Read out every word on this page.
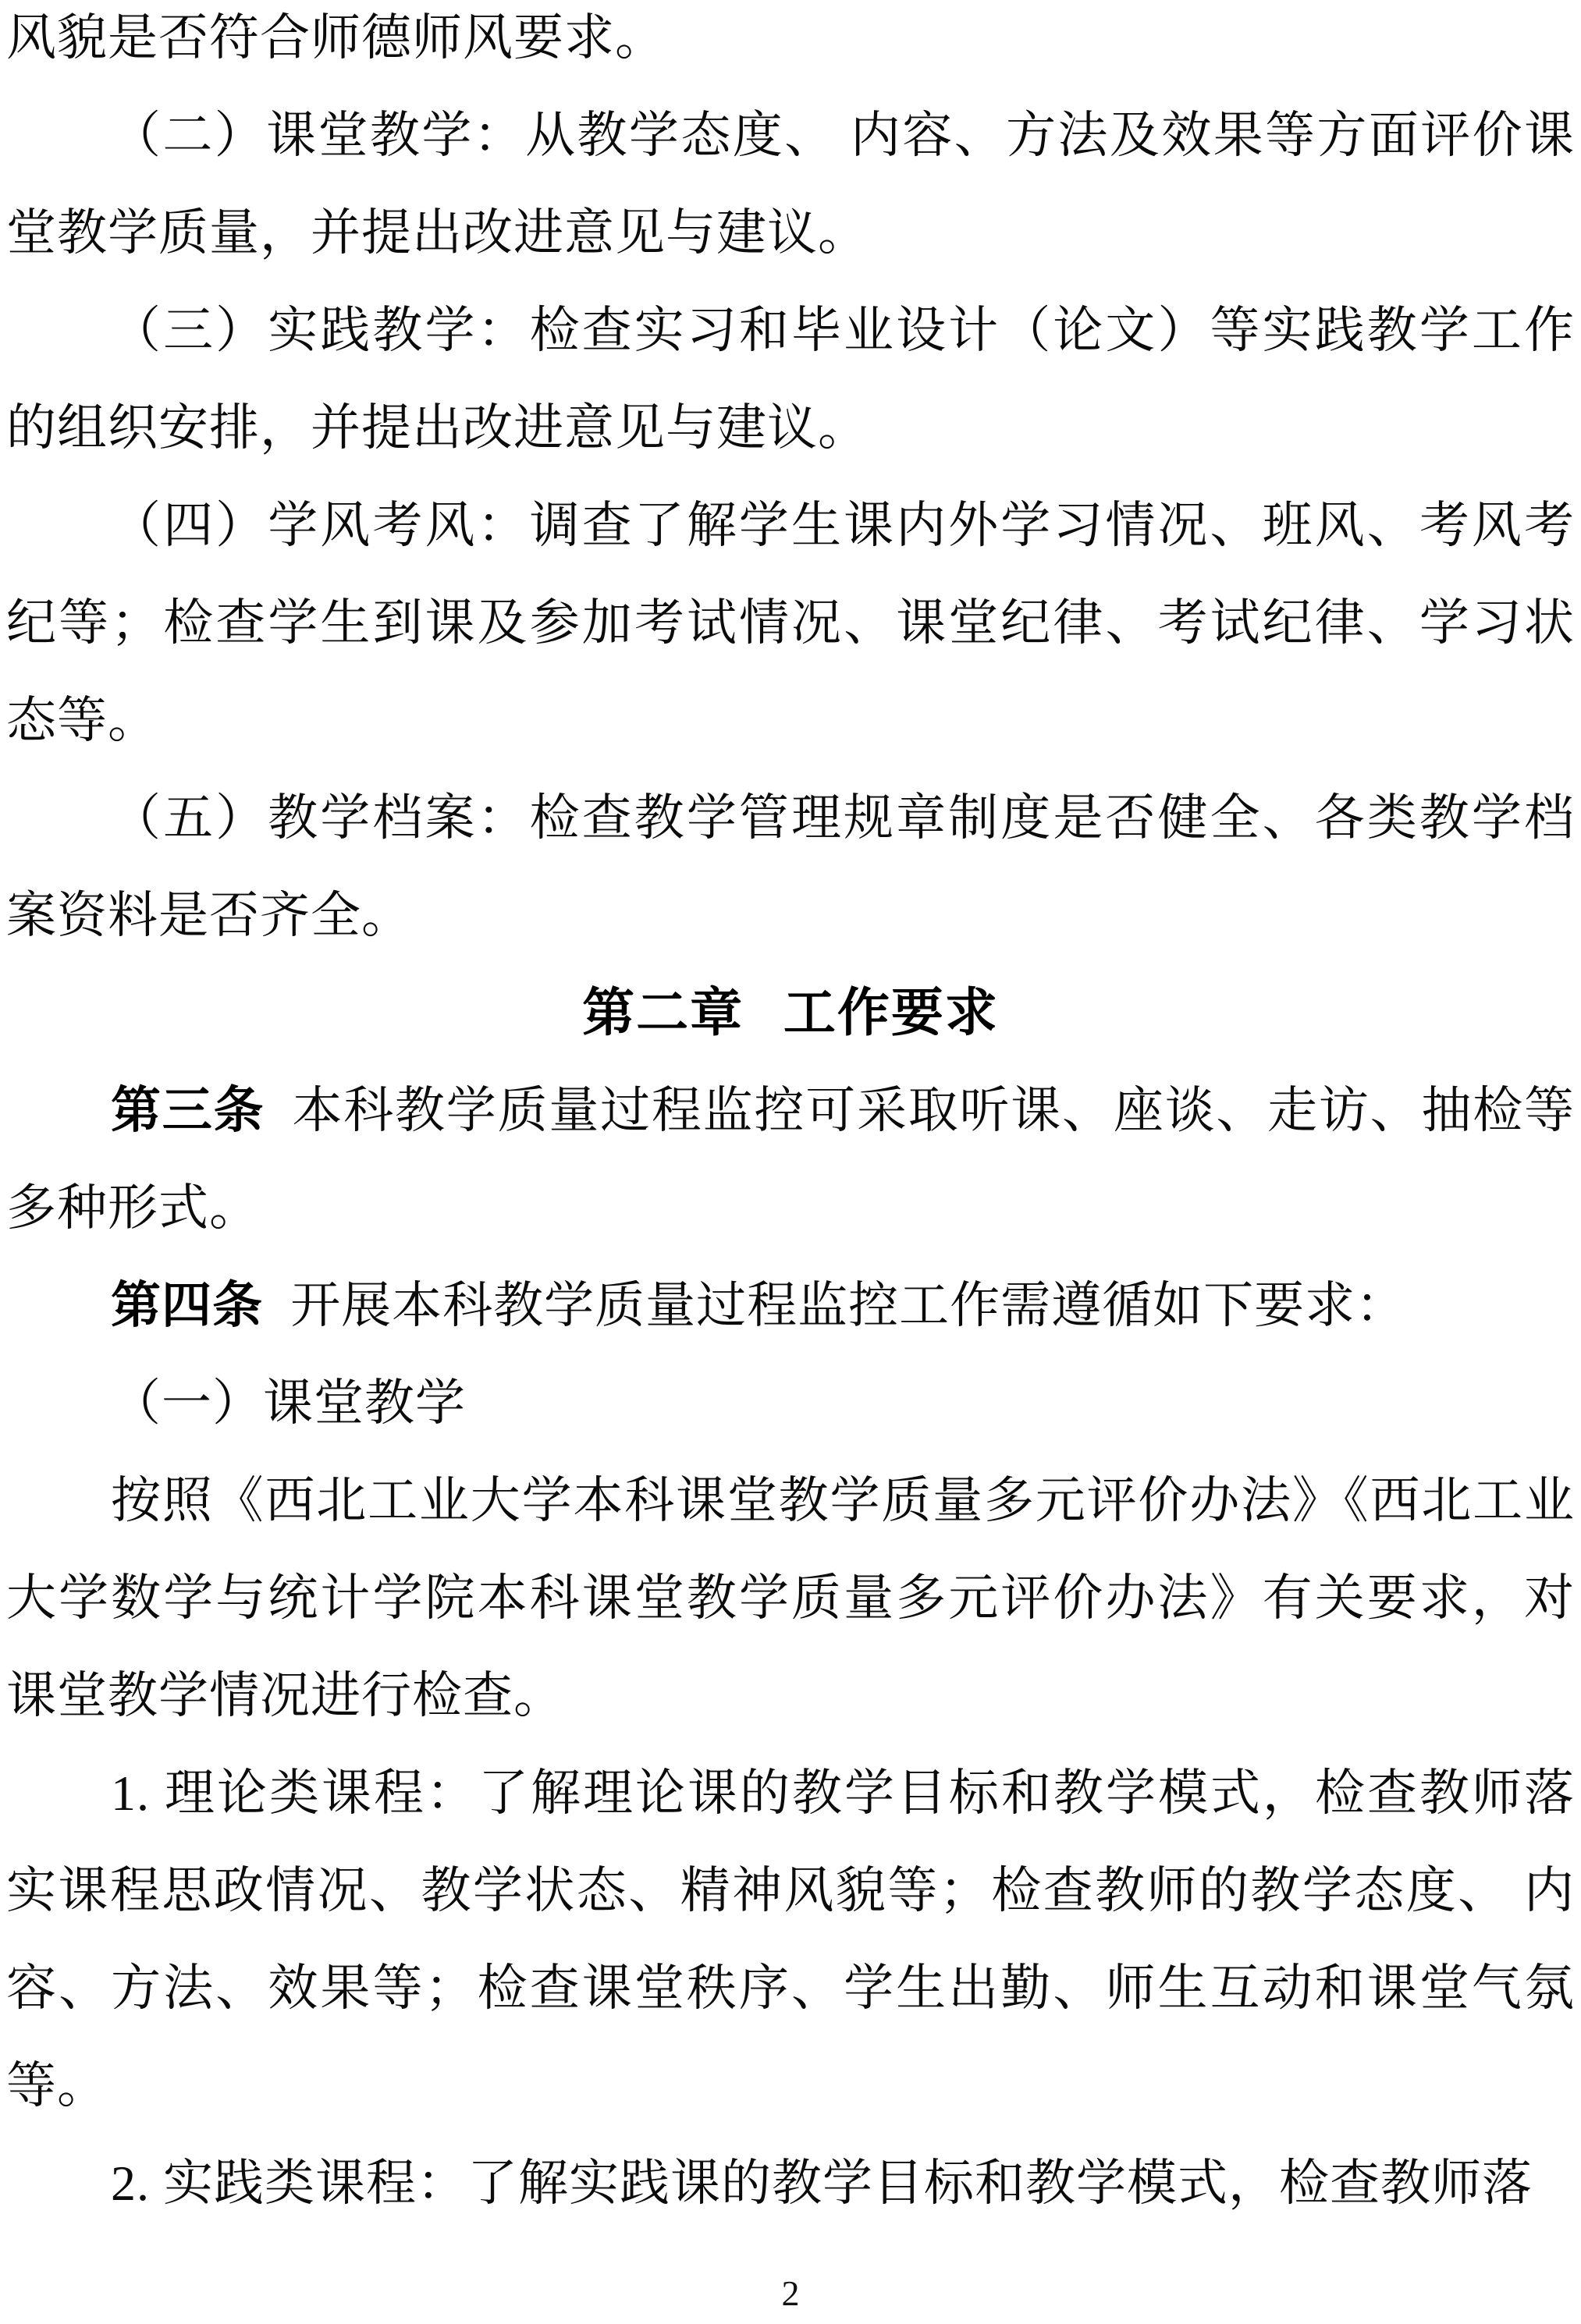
风貌是否符合师德师风要求。

（二）课堂教学：从教学态度、 内容、方法及效果等方面评价课堂教学质量，并提出改进意见与建议。

（三）实践教学：检查实习和毕业设计（论文）等实践教学工作的组织安排，并提出改进意见与建议。

（四）学风考风：调查了解学生课内外学习情况、班风、考风考纪等；检查学生到课及参加考试情况、课堂纪律、考试纪律、学习状态等。

（五）教学档案：检查教学管理规章制度是否健全、各类教学档案资料是否齐全。

第二章 工作要求

第三条 本科教学质量过程监控可采取听课、座谈、走访、抽检等多种形式。

第四条 开展本科教学质量过程监控工作需遵循如下要求：

（一）课堂教学

按照《西北工业大学本科课堂教学质量多元评价办法》《西北工业大学数学与统计学院本科课堂教学质量多元评价办法》有关要求，对课堂教学情况进行检查。

1. 理论类课程：了解理论课的教学目标和教学模式，检查教师落实课程思政情况、教学状态、精神风貌等；检查教师的教学态度、 内容、方法、效果等；检查课堂秩序、学生出勤、师生互动和课堂气氛等。

2. 实践类课程：了解实践课的教学目标和教学模式，检查教师落

2
